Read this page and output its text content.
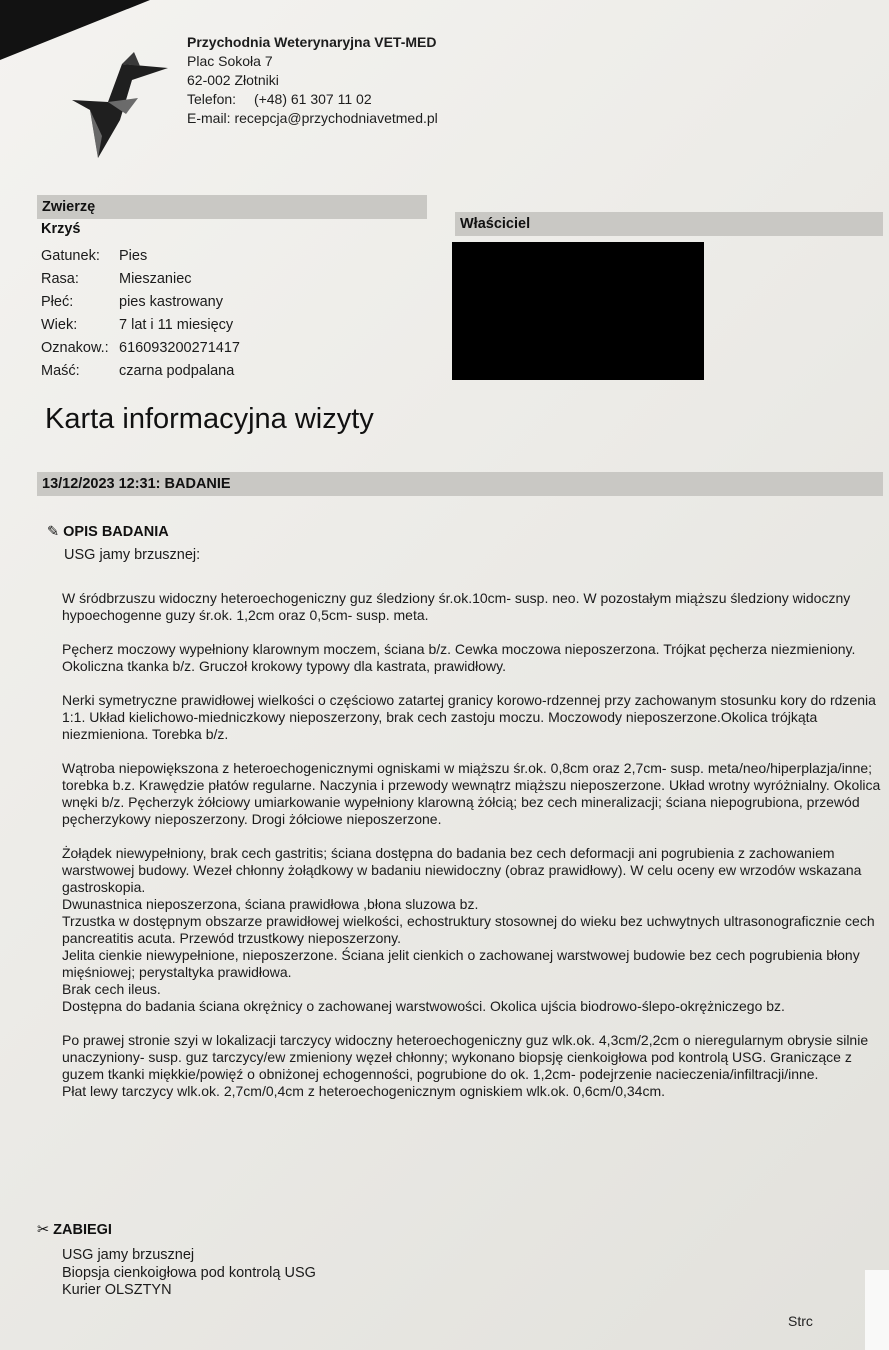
Przychodnia Weterynaryjna VET-MED
Plac Sokoła 7
62-002 Złotniki
Telefon: (+48) 61 307 11 02
E-mail: recepcja@przychodniavetmed.pl
Zwierzę
Krzyś
Gatunek:	Pies
Rasa:	Mieszaniec
Płeć:	pies kastrowany
Wiek:	7 lat i 11 miesięcy
Oznakow.: 616093200271417
Maść:	czarna podpalana
Właściciel
Karta informacyjna wizyty
13/12/2023 12:31: BADANIE
✎ OPIS BADANIA
USG jamy brzusznej:

W śródbrzuszu widoczny heteroechogeniczny guz śledziony śr.ok.10cm- susp. neo. W pozostałym miąższu śledziony widoczny hypoechogenne guzy śr.ok. 1,2cm oraz 0,5cm- susp. meta.

Pęcherz moczowy wypełniony klarownym moczem, ściana b/z. Cewka moczowa nieposzerzona. Trójkat pęcherza niezmieniony. Okoliczna tkanka b/z. Gruczoł krokowy typowy dla kastrata, prawidłowy.

Nerki symetryczne prawidłowej wielkości o częściowo zatartej granicy korowo-rdzennej przy zachowanym stosunku kory do rdzenia 1:1. Układ kielichowo-miedniczkowy nieposzerzony, brak cech zastoju moczu. Moczowody nieposzerzone.Okolica trójkąta niezmieniona. Torebka b/z.

Wątroba niepowiększona z heteroechogenicznymi ogniskami w miąższu śr.ok. 0,8cm oraz 2,7cm- susp. meta/neo/hiperplazja/inne; torebka b.z. Krawędzie płatów regularne. Naczynia i przewody wewnątrz miąższu nieposzerzone. Układ wrotny wyróżnialny. Okolica wnęki b/z. Pęcherzyk żółciowy umiarkowanie wypełniony klarowną żółcią; bez cech mineralizacji; ściana niepogrubiona, przewód pęcherzykowy nieposzerzony. Drogi żółciowe nieposzerzone.

Żołądek niewypełniony, brak cech gastritis; ściana dostępna do badania bez cech deformacji ani pogrubienia z zachowaniem warstwowej budowy. Wezeł chłonny żołądkowy w badaniu niewidoczny (obraz prawidłowy). W celu oceny ew wrzodów wskazana gastroskopia.

Dwunastnica nieposzerzona, ściana prawidłowa ,błona sluzowa bz.

Trzustka w dostępnym obszarze prawidłowej wielkości, echostruktury stosownej do wieku bez uchwytnych ultrasonograficznie cech pancreatitis acuta. Przewód trzustkowy nieposzerzony.

Jelita cienkie niewypełnione, nieposzerzone. Ściana jelit cienkich o zachowanej warstwowej budowie bez cech pogrubienia błony mięśniowej; perystaltyka prawidłowa.

Brak cech ileus.

Dostępna do badania ściana okrężnicy o zachowanej warstwowości. Okolica ujścia biodrowo-ślepo-okrężniczego bz.

Po prawej stronie szyi w lokalizacji tarczycy widoczny heteroechogeniczny guz wlk.ok. 4,3cm/2,2cm o nieregularnym obrysie silnie unaczyniony- susp. guz tarczycy/ew zmieniony węzeł chłonny; wykonano biopsję cienkoigłowa pod kontrolą USG. Graniczące z guzem tkanki miękkie/powięź o obniżonej echogenności, pogrubione do ok. 1,2cm- podejrzenie nacieczenia/infiltracji/inne.

Płat lewy tarczycy wlk.ok. 2,7cm/0,4cm z heteroechogenicznym ogniskiem wlk.ok. 0,6cm/0,34cm.

✂ ZABIEGI
USG jamy brzusznej
Biopsja cienkoigłowa pod kontrolą USG
Kurier OLSZTYN
Strc
